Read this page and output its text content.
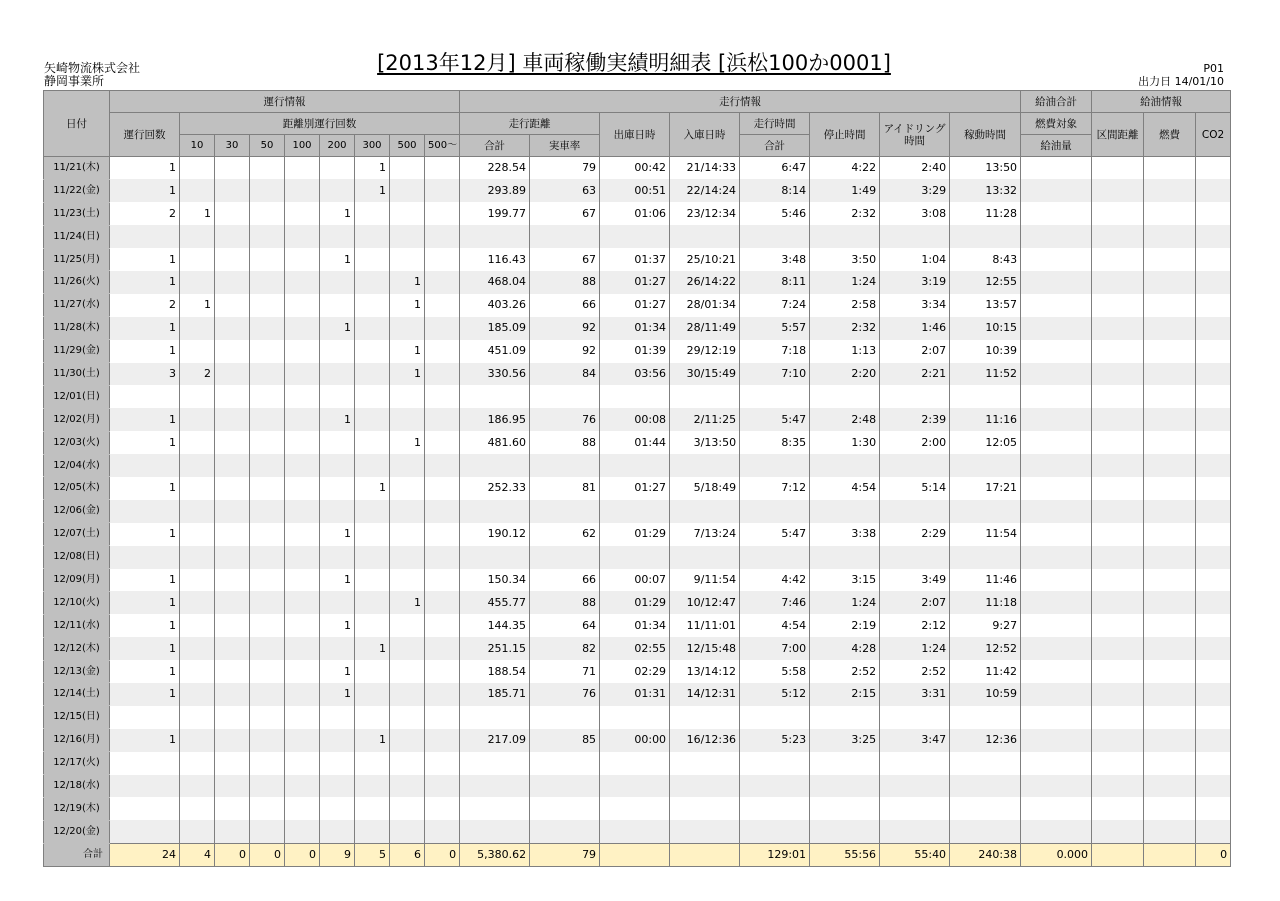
矢崎物流株式会社
静岡事業所
[2013年12月] 車両稼働実績明細表 [浜松100か0001]	P01
出力日 14/01/10
日付	運行情報									走行情報								給油合計	給油情報		
	運行回数	距離別運行回数								走行距離		出庫日時	入庫日時	走行時間	停止時間	アイドリング
時間	稼動時間	燃費対象	区間距離	燃費	CO2
		10	30	50	100	200	300	500	500〜	合計	実車率			合計				給油量			
11/21(木)	1						1			228.54	79	00:42	21/14:33	6:47	4:22	2:40	13:50				
11/22(金)	1						1			293.89	63	00:51	22/14:24	8:14	1:49	3:29	13:32				
11/23(土)	2	1				1				199.77	67	01:06	23/12:34	5:46	2:32	3:08	11:28				
11/24(日)																					
11/25(月)	1					1				116.43	67	01:37	25/10:21	3:48	3:50	1:04	8:43				
11/26(火)	1							1		468.04	88	01:27	26/14:22	8:11	1:24	3:19	12:55				
11/27(水)	2	1						1		403.26	66	01:27	28/01:34	7:24	2:58	3:34	13:57				
11/28(木)	1					1				185.09	92	01:34	28/11:49	5:57	2:32	1:46	10:15				
11/29(金)	1							1		451.09	92	01:39	29/12:19	7:18	1:13	2:07	10:39				
11/30(土)	3	2						1		330.56	84	03:56	30/15:49	7:10	2:20	2:21	11:52				
12/01(日)																					
12/02(月)	1					1				186.95	76	00:08	2/11:25	5:47	2:48	2:39	11:16				
12/03(火)	1							1		481.60	88	01:44	3/13:50	8:35	1:30	2:00	12:05				
12/04(水)																					
12/05(木)	1						1			252.33	81	01:27	5/18:49	7:12	4:54	5:14	17:21				
12/06(金)																					
12/07(土)	1					1				190.12	62	01:29	7/13:24	5:47	3:38	2:29	11:54				
12/08(日)																					
12/09(月)	1					1				150.34	66	00:07	9/11:54	4:42	3:15	3:49	11:46				
12/10(火)	1							1		455.77	88	01:29	10/12:47	7:46	1:24	2:07	11:18				
12/11(水)	1					1				144.35	64	01:34	11/11:01	4:54	2:19	2:12	9:27				
12/12(木)	1						1			251.15	82	02:55	12/15:48	7:00	4:28	1:24	12:52				
12/13(金)	1					1				188.54	71	02:29	13/14:12	5:58	2:52	2:52	11:42				
12/14(土)	1					1				185.71	76	01:31	14/12:31	5:12	2:15	3:31	10:59				
12/15(日)																					
12/16(月)	1						1			217.09	85	00:00	16/12:36	5:23	3:25	3:47	12:36				
12/17(火)																					
12/18(水)																					
12/19(木)																					
12/20(金)																					
合計	24	4	0	0	0	9	5	6	0	5,380.62	79			129:01	55:56	55:40	240:38	0.000			0
